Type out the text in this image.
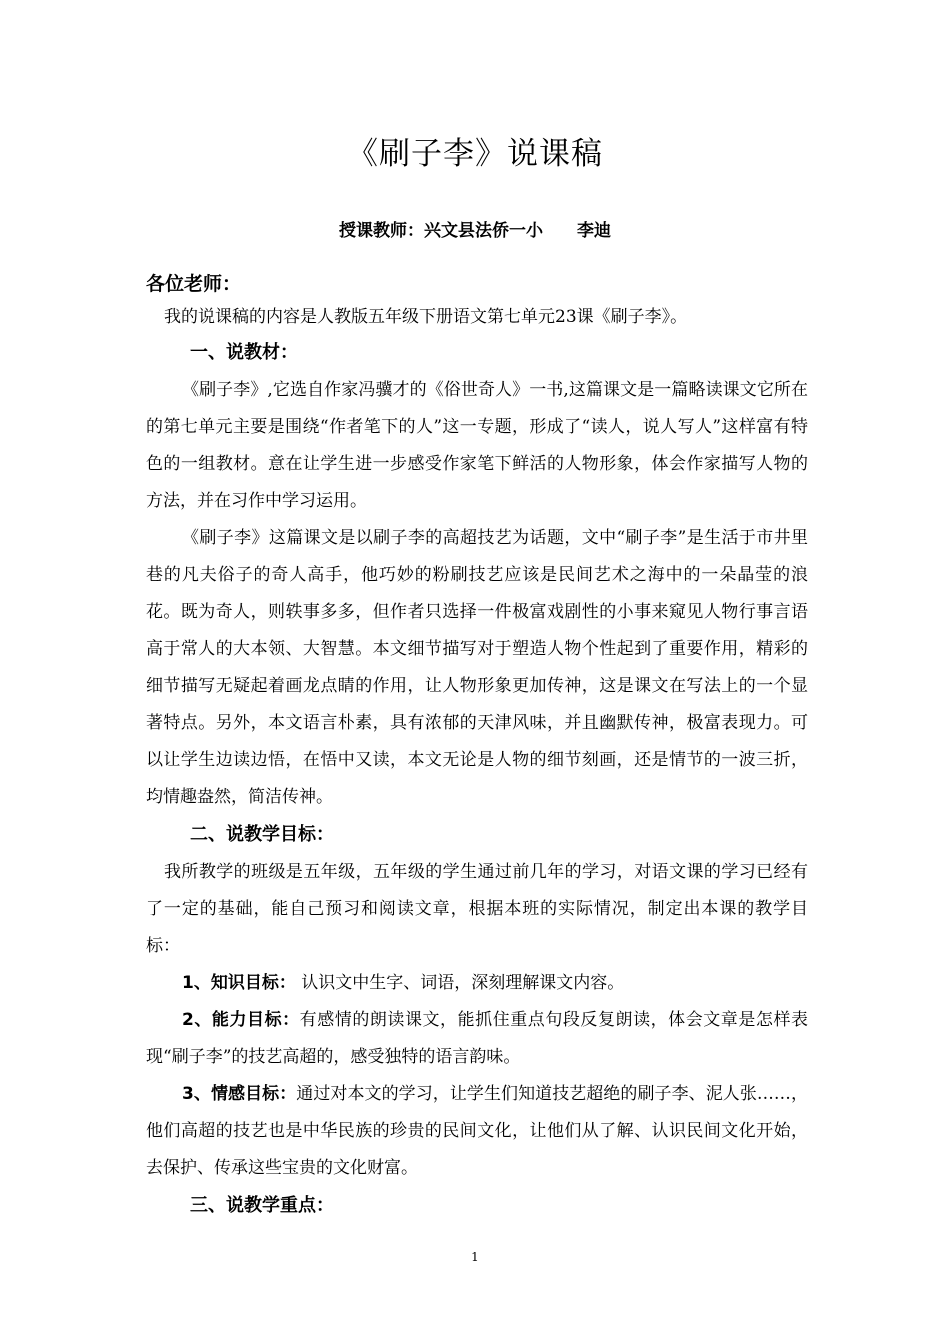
《刷子李》说课稿
授课教师：兴文县法侨一小 李迪
各位老师：

我的说课稿的内容是人教版五年级下册语文第七单元23课《刷子李》。

一、说教材：

《刷子李》,它选自作家冯骥才的《俗世奇人》一书,这篇课文是一篇略读课文它所在的第七单元主要是围绕“作者笔下的人”这一专题，形成了“读人，说人写人”这样富有特色的一组教材。意在让学生进一步感受作家笔下鲜活的人物形象，体会作家描写人物的方法，并在习作中学习运用。

《刷子李》这篇课文是以刷子李的高超技艺为话题，文中“刷子李”是生活于市井里巷的凡夫俗子的奇人高手，他巧妙的粉刷技艺应该是民间艺术之海中的一朵晶莹的浪花。既为奇人，则轶事多多，但作者只选择一件极富戏剧性的小事来窥见人物行事言语高于常人的大本领、大智慧。本文细节描写对于塑造人物个性起到了重要作用，精彩的细节描写无疑起着画龙点睛的作用，让人物形象更加传神，这是课文在写法上的一个显著特点。另外，本文语言朴素，具有浓郁的天津风味，并且幽默传神，极富表现力。可以让学生边读边悟，在悟中又读，本文无论是人物的细节刻画，还是情节的一波三折，均情趣盎然，简洁传神。

二、说教学目标：

我所教学的班级是五年级，五年级的学生通过前几年的学习，对语文课的学习已经有了一定的基础，能自己预习和阅读文章，根据本班的实际情况，制定出本课的教学目标：

1、知识目标： 认识文中生字、词语，深刻理解课文内容。

2、能力目标：有感情的朗读课文，能抓住重点句段反复朗读，体会文章是怎样表现“刷子李”的技艺高超的，感受独特的语言韵味。

3、情感目标：通过对本文的学习，让学生们知道技艺超绝的刷子李、泥人张……，他们高超的技艺也是中华民族的珍贵的民间文化，让他们从了解、认识民间文化开始，去保护、传承这些宝贵的文化财富。

三、说教学重点：
1
